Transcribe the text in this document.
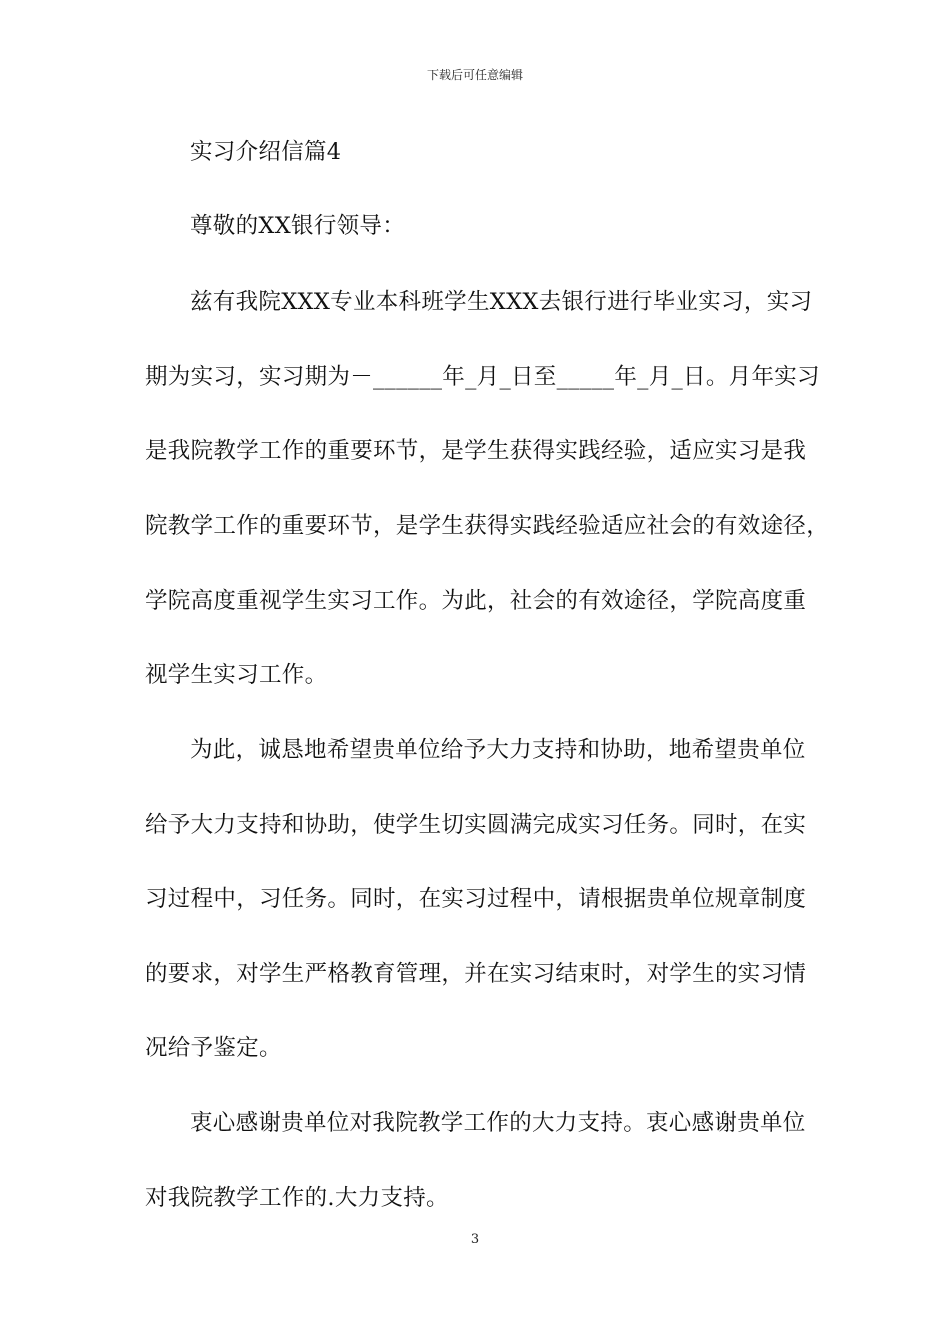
下载后可任意编辑
实习介绍信篇4
尊敬的XX银行领导：
兹有我院XXX专业本科班学生XXX去银行进行毕业实习，实习
期为实习，实习期为－______年_月_日至_____年_月_日。月年实习
是我院教学工作的重要环节，是学生获得实践经验，适应实习是我
院教学工作的重要环节，是学生获得实践经验适应社会的有效途径，
学院高度重视学生实习工作。为此，社会的有效途径，学院高度重
视学生实习工作。
为此，诚恳地希望贵单位给予大力支持和协助，地希望贵单位
给予大力支持和协助，使学生切实圆满完成实习任务。同时，在实
习过程中，习任务。同时，在实习过程中，请根据贵单位规章制度
的要求，对学生严格教育管理，并在实习结束时，对学生的实习情
况给予鉴定。
衷心感谢贵单位对我院教学工作的大力支持。衷心感谢贵单位
对我院教学工作的.大力支持。
3
